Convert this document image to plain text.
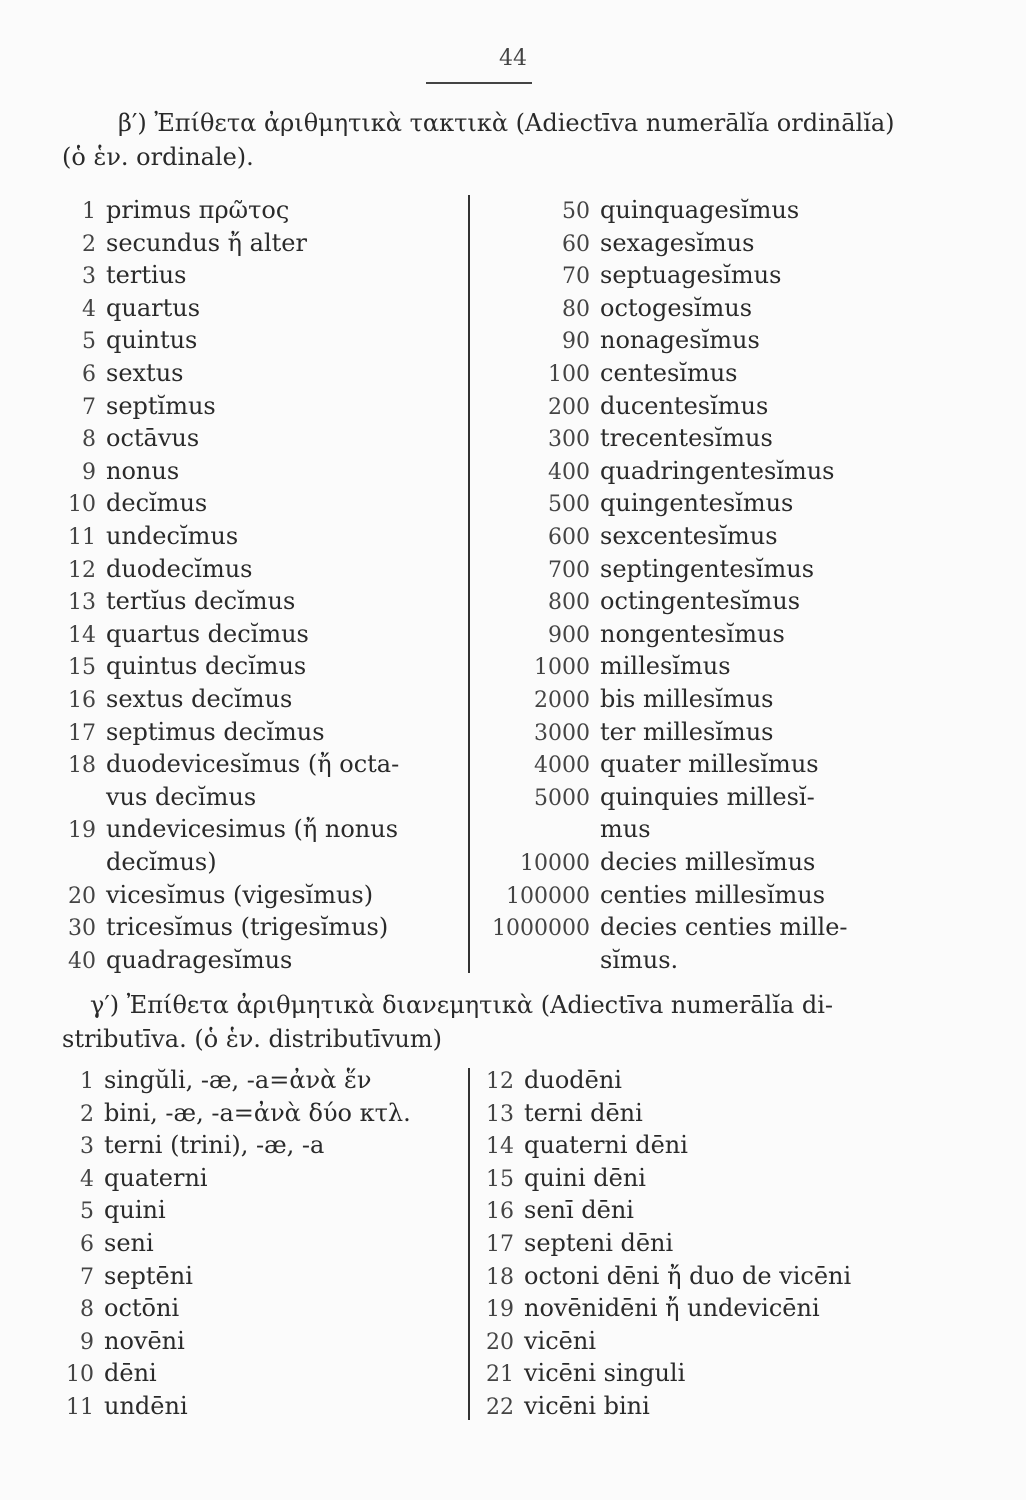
44
β′) Ἐπίθετα ἀριθμητικὰ τακτικὰ (Adiectīva numerālĭa ordinālĭa)
(ὁ ἑν. ordinale).
1 primus πρῶτος
2 secundus ἤ alter
3 tertius
4 quartus
5 quintus
6 sextus
7 septĭmus
8 octāvus
9 nonus
10 decĭmus
11 undecĭmus
12 duodecĭmus
13 tertĭus decĭmus
14 quartus decĭmus
15 quintus decĭmus
16 sextus decĭmus
17 septimus decĭmus
18 duodevicesĭmus (ἤ octa-
vus decĭmus
19 undevicesimus (ἤ nonus
decĭmus)
20 vicesĭmus (vigesĭmus)
30 tricesĭmus (trigesĭmus)
40 quadragesĭmus
50 quinquagesĭmus
60 sexagesĭmus
70 septuagesĭmus
80 octogesĭmus
90 nonagesĭmus
100 centesĭmus
200 ducentesĭmus
300 trecentesĭmus
400 quadringentesĭmus
500 quingentesĭmus
600 sexcentesĭmus
700 septingentesĭmus
800 octingentesĭmus
900 nongentesĭmus
1000 millesĭmus
2000 bis millesĭmus
3000 ter millesĭmus
4000 quater millesĭmus
5000 quinquies millesĭ-
mus
10000 decies millesĭmus
100000 centies millesĭmus
1000000 decies centies mille-
sĭmus.
γ′) Ἐπίθετα ἀριθμητικὰ διανεμητικὰ (Adiectīva numerālĭa di-
stributīva. (ὁ ἑν. distributīvum)
1 singŭli, -æ, -a=ἀνὰ ἕν
2 bini, -æ, -a=ἀνὰ δύο κτλ.
3 terni (trini), -æ, -a
4 quaterni
5 quini
6 seni
7 septēni
8 octōni
9 novēni
10 dēni
11 undēni
12 duodēni
13 terni dēni
14 quaterni dēni
15 quini dēni
16 senī dēni
17 septeni dēni
18 octoni dēni ἤ duo de vicēni
19 novēnidēni ἤ undevicēni
20 vicēni
21 vicēni singuli
22 vicēni bini
